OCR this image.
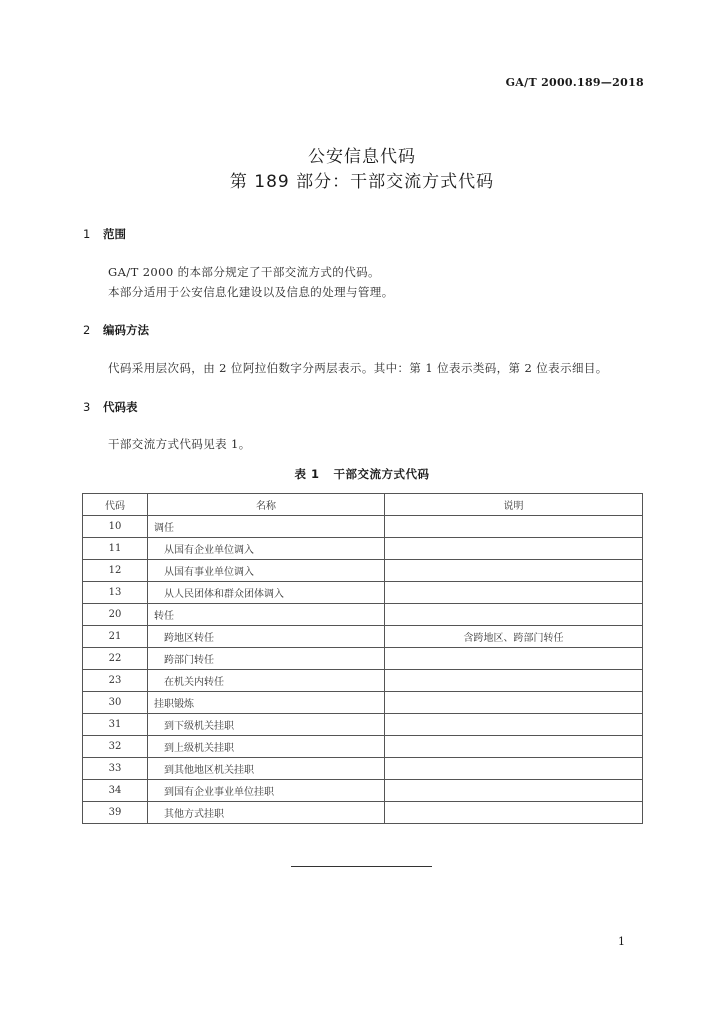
GA/T 2000.189—2018
公安信息代码
第 189 部分：干部交流方式代码
1 范围
GA/T 2000 的本部分规定了干部交流方式的代码。
本部分适用于公安信息化建设以及信息的处理与管理。
2 编码方法
代码采用层次码，由 2 位阿拉伯数字分两层表示。其中：第 1 位表示类码，第 2 位表示细目。
3 代码表
干部交流方式代码见表 1。
表 1 干部交流方式代码
代码	名称	说明
10	调任	
11	从国有企业单位调入	
12	从国有事业单位调入	
13	从人民团体和群众团体调入	
20	转任	
21	跨地区转任	含跨地区、跨部门转任
22	跨部门转任	
23	在机关内转任	
30	挂职锻炼	
31	到下级机关挂职	
32	到上级机关挂职	
33	到其他地区机关挂职	
34	到国有企业事业单位挂职	
39	其他方式挂职	
1
